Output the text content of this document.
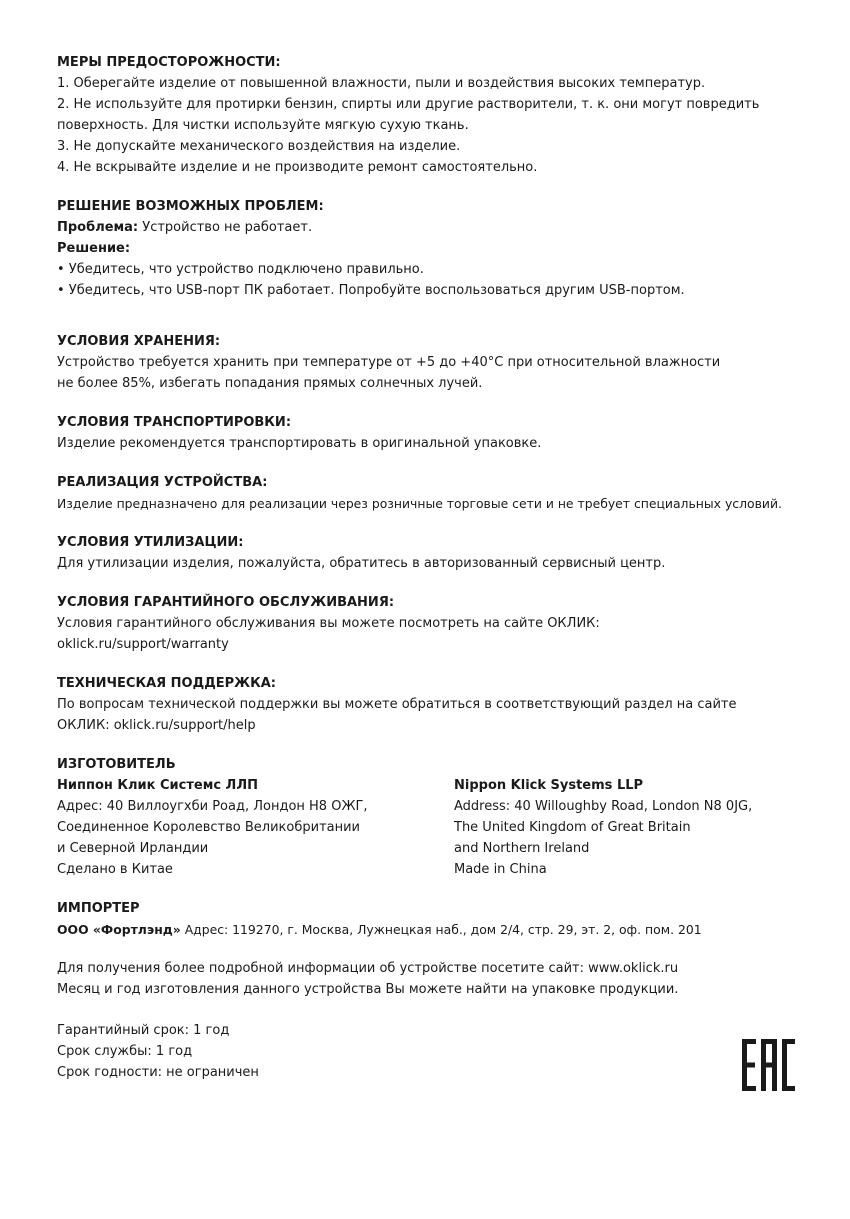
МЕРЫ ПРЕДОСТОРОЖНОСТИ:
1. Оберегайте изделие от повышенной влажности, пыли и воздействия высоких температур.
2. Не используйте для протирки бензин, спирты или другие растворители, т. к. они могут повредить поверхность. Для чистки используйте мягкую сухую ткань.
3. Не допускайте механического воздействия на изделие.
4. Не вскрывайте изделие и не производите ремонт самостоятельно.
РЕШЕНИЕ ВОЗМОЖНЫХ ПРОБЛЕМ:
Проблема: Устройство не работает.
Решение:
• Убедитесь, что устройство подключено правильно.
• Убедитесь, что USB-порт ПК работает. Попробуйте воспользоваться другим USB-портом.
УСЛОВИЯ ХРАНЕНИЯ:
Устройство требуется хранить при температуре от +5 до +40°С при относительной влажности
не более 85%, избегать попадания прямых солнечных лучей.
УСЛОВИЯ ТРАНСПОРТИРОВКИ:
Изделие рекомендуется транспортировать в оригинальной упаковке.
РЕАЛИЗАЦИЯ УСТРОЙСТВА:
Изделие предназначено для реализации через розничные торговые сети и не требует специальных условий.
УСЛОВИЯ УТИЛИЗАЦИИ:
Для утилизации изделия, пожалуйста, обратитесь в авторизованный сервисный центр.
УСЛОВИЯ ГАРАНТИЙНОГО ОБСЛУЖИВАНИЯ:
Условия гарантийного обслуживания вы можете посмотреть на сайте ОКЛИК:
oklick.ru/support/warranty
ТЕХНИЧЕСКАЯ ПОДДЕРЖКА:
По вопросам технической поддержки вы можете обратиться в соответствующий раздел на сайте
ОКЛИК: oklick.ru/support/help
ИЗГОТОВИТЕЛЬ
Ниппон Клик Системс ЛЛП
Адрес: 40 Виллоугхби Роад, Лондон Н8 ОЖГ,
Соединенное Королевство Великобритании
и Северной Ирландии
Сделано в Китае
Nippon Klick Systems LLP
Address: 40 Willoughby Road, London N8 0JG,
The United Kingdom of Great Britain
and Northern Ireland
Made in China
ИМПОРТЕР
ООО «Фортлэнд» Адрес: 119270, г. Москва, Лужнецкая наб., дом 2/4, стр. 29, эт. 2, оф. пом. 201
Для получения более подробной информации об устройстве посетите сайт: www.oklick.ru
Месяц и год изготовления данного устройства Вы можете найти на упаковке продукции.
Гарантийный срок: 1 год
Срок службы: 1 год
Срок годности: не ограничен
